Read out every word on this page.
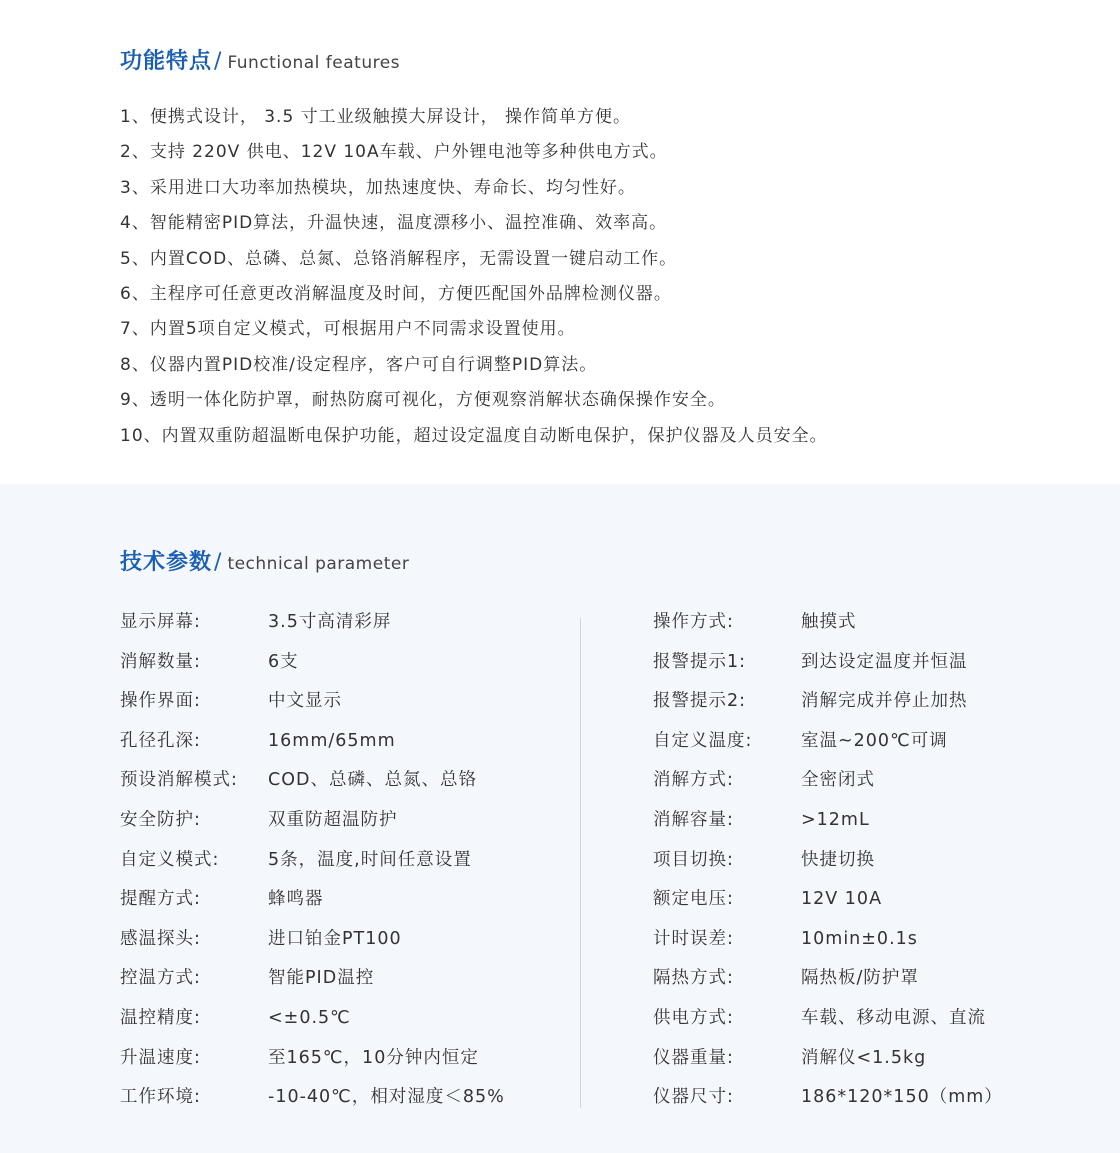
功能特点 / Functional features
1、便携式设计， 3.5 寸工业级触摸大屏设计， 操作简单方便。
2、支持 220V 供电、12V 10A车载、户外锂电池等多种供电方式。
3、采用进口大功率加热模块，加热速度快、寿命长、均匀性好。
4、智能精密PID算法，升温快速，温度漂移小、温控准确、效率高。
5、内置COD、总磷、总氮、总铬消解程序，无需设置一键启动工作。
6、主程序可任意更改消解温度及时间，方便匹配国外品牌检测仪器。
7、内置5项自定义模式，可根据用户不同需求设置使用。
8、仪器内置PID校准/设定程序，客户可自行调整PID算法。
9、透明一体化防护罩，耐热防腐可视化，方便观察消解状态确保操作安全。
10、内置双重防超温断电保护功能，超过设定温度自动断电保护，保护仪器及人员安全。
技术参数 / technical parameter
显示屏幕:	3.5寸高清彩屏
消解数量:	6支
操作界面:	中文显示
孔径孔深:	16mm/65mm
预设消解模式:	COD、总磷、总氮、总铬
安全防护:	双重防超温防护
自定义模式:	5条，温度,时间任意设置
提醒方式:	蜂鸣器
感温探头:	进口铂金PT100
控温方式:	智能PID温控
温控精度:	<±0.5℃
升温速度:	至165℃，10分钟内恒定
工作环境:	-10-40℃，相对湿度＜85%
操作方式:	触摸式
报警提示1:	到达设定温度并恒温
报警提示2:	消解完成并停止加热
自定义温度:	室温~200℃可调
消解方式:	全密闭式
消解容量:	>12mL
项目切换:	快捷切换
额定电压:	12V 10A
计时误差:	10min±0.1s
隔热方式:	隔热板/防护罩
供电方式:	车载、移动电源、直流
仪器重量:	消解仪<1.5kg
仪器尺寸:	186*120*150（mm）
